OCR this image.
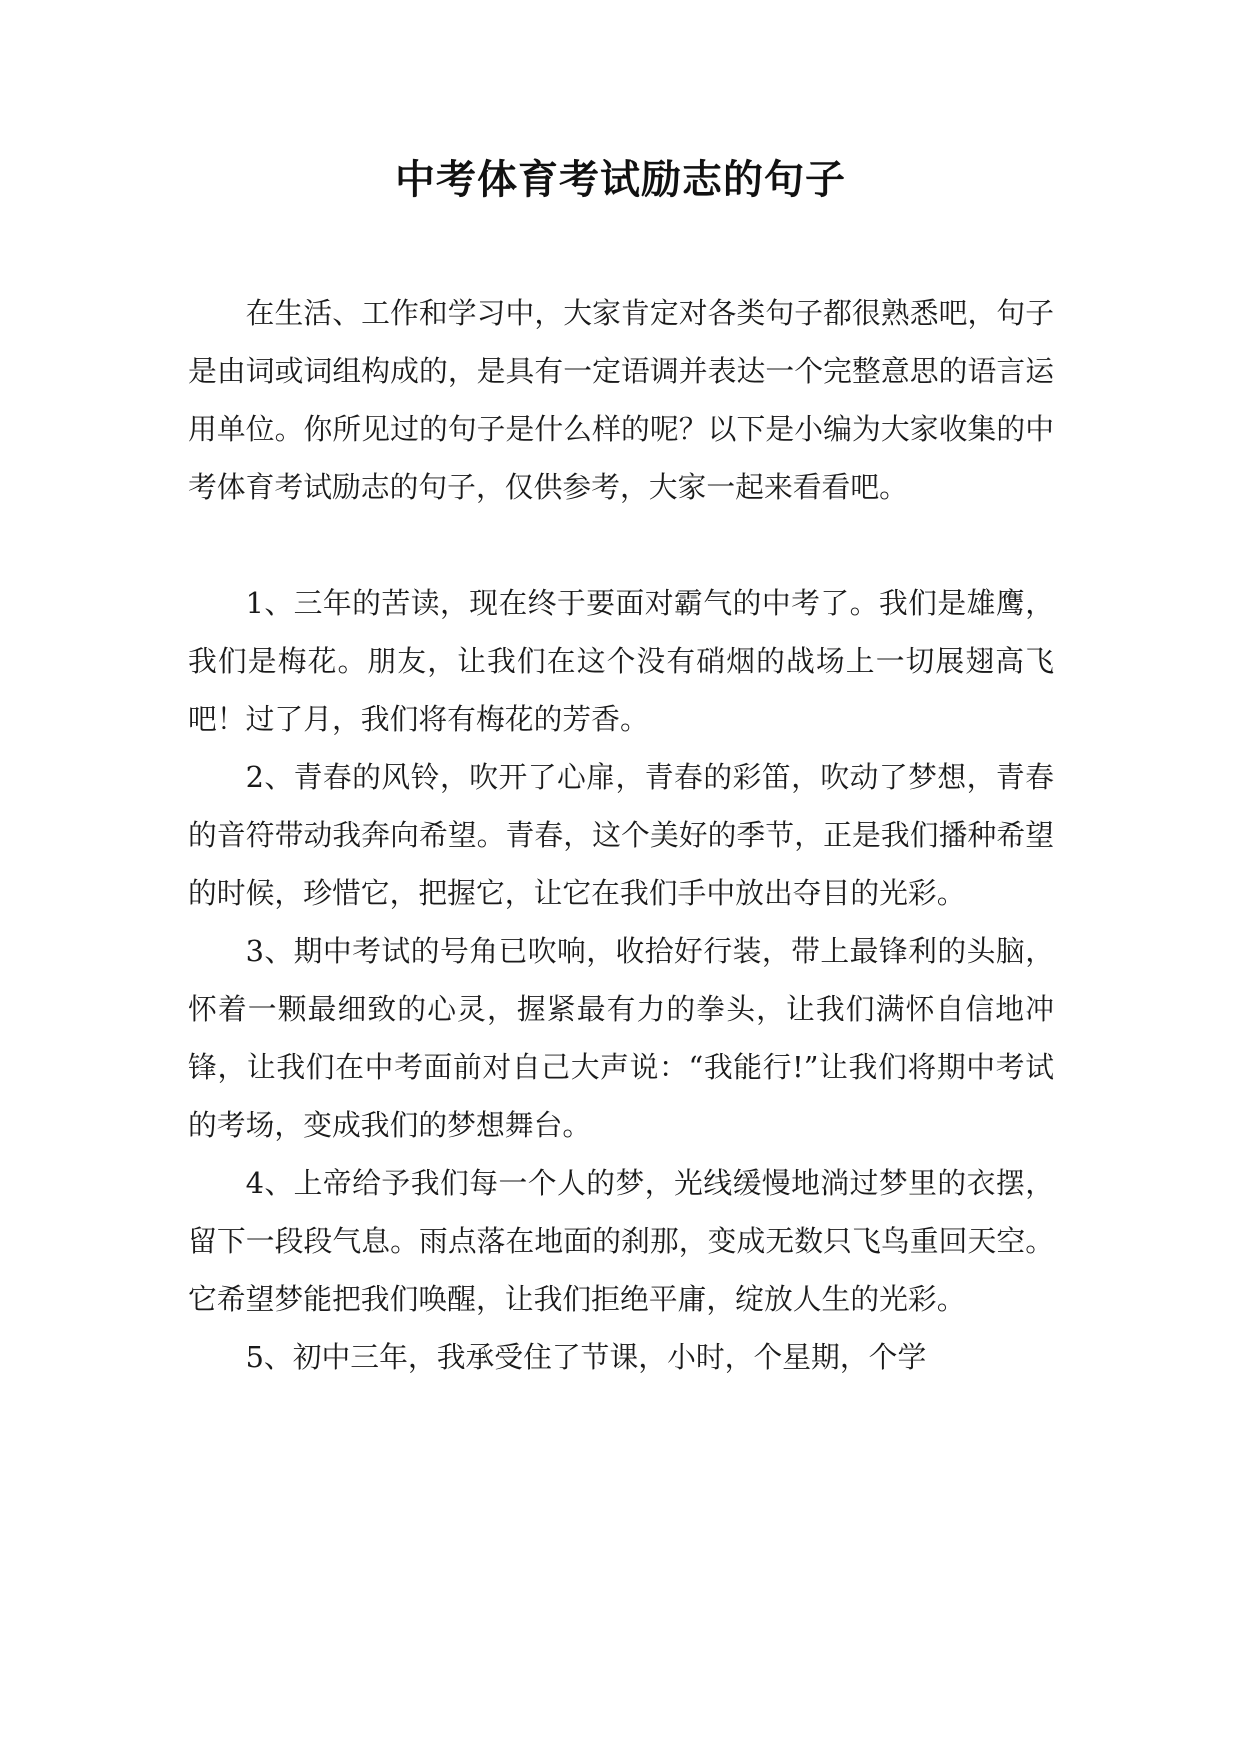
中考体育考试励志的句子

在生活、工作和学习中，大家肯定对各类句子都很熟悉吧，句子是由词或词组构成的，是具有一定语调并表达一个完整意思的语言运用单位。你所见过的句子是什么样的呢？以下是小编为大家收集的中考体育考试励志的句子，仅供参考，大家一起来看看吧。

1、三年的苦读，现在终于要面对霸气的中考了。我们是雄鹰，我们是梅花。朋友，让我们在这个没有硝烟的战场上一切展翅高飞吧！过了月，我们将有梅花的芳香。

2、青春的风铃，吹开了心扉，青春的彩笛，吹动了梦想，青春的音符带动我奔向希望。青春，这个美好的季节，正是我们播种希望的时候，珍惜它，把握它，让它在我们手中放出夺目的光彩。

3、期中考试的号角已吹响，收拾好行装，带上最锋利的头脑，怀着一颗最细致的心灵，握紧最有力的拳头，让我们满怀自信地冲锋，让我们在中考面前对自己大声说：“我能行!”让我们将期中考试的考场，变成我们的梦想舞台。

4、上帝给予我们每一个人的梦，光线缓慢地淌过梦里的衣摆，留下一段段气息。雨点落在地面的刹那，变成无数只飞鸟重回天空。它希望梦能把我们唤醒，让我们拒绝平庸，绽放人生的光彩。

5、初中三年，我承受住了节课，小时，个星期，个学
